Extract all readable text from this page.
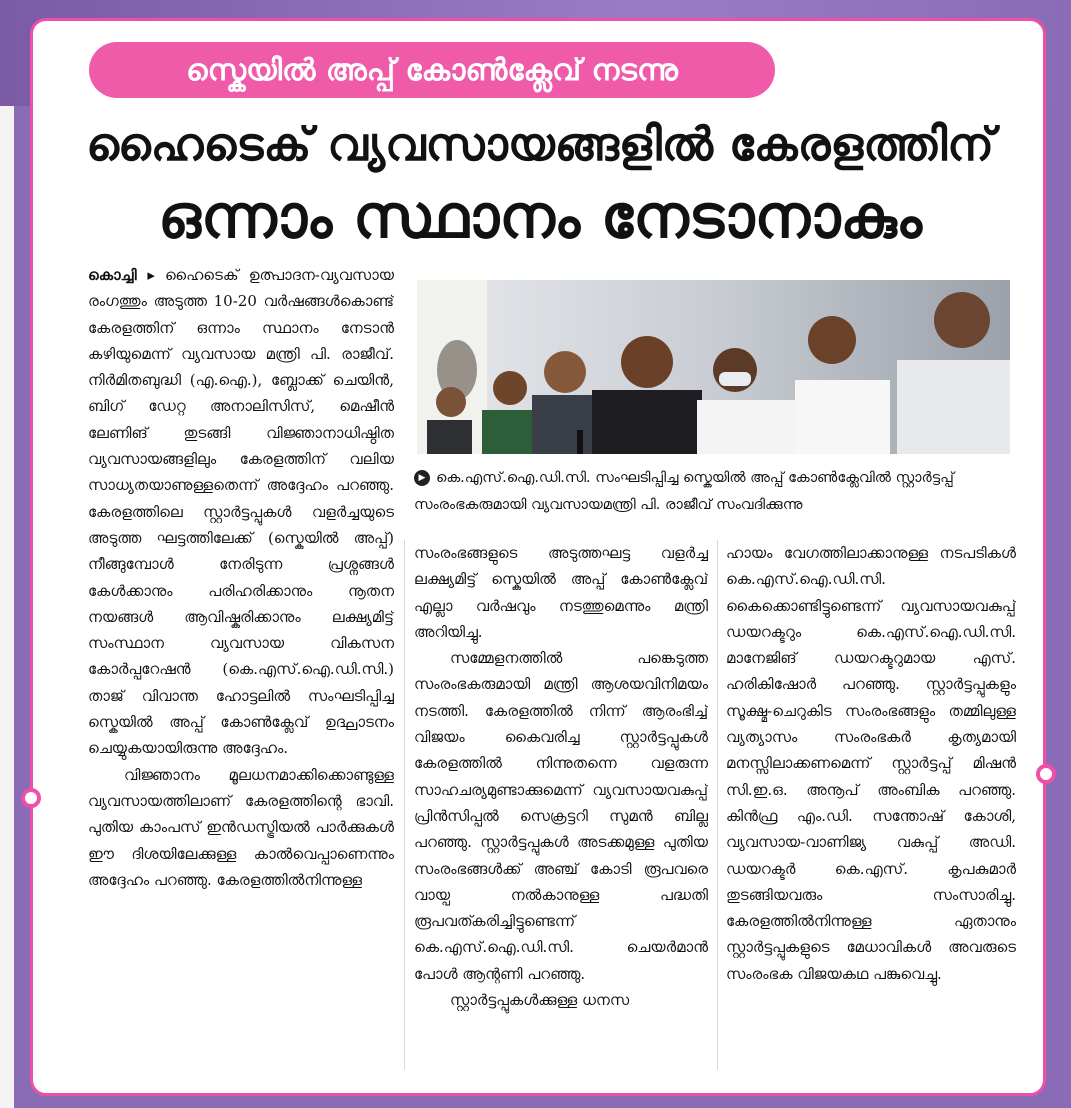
സ്കെയിൽ അപ്പ് കോൺക്ലേവ് നടന്നു
ഹൈടെക് വ്യവസായങ്ങളിൽ കേരളത്തിന്
ഒന്നാം സ്ഥാനം നേടാനാകും

കൊച്ചി ▸ ഹൈടെക് ഉത്പാദന-വ്യവസായ രംഗത്തും അടുത്ത 10-20 വർഷങ്ങൾകൊണ്ട് കേരളത്തിന് ഒന്നാം സ്ഥാനം നേടാൻ കഴിയുമെന്ന് വ്യവസായ മന്ത്രി പി. രാജീവ്. നിർമിതബുദ്ധി (എ.ഐ.), ബ്ലോക്ക് ചെയിൻ, ബിഗ് ഡേറ്റ അനാലിസിസ്, മെഷീൻ ലേണിങ് തുടങ്ങി വിജ്ഞാനാധിഷ്ഠിത വ്യവസായങ്ങളിലും കേരളത്തിന് വലിയ സാധ്യതയാണുള്ളതെന്ന് അദ്ദേഹം പറഞ്ഞു. കേരളത്തിലെ സ്റ്റാർട്ടപ്പുകൾ വളർച്ചയുടെ അടുത്ത ഘട്ടത്തിലേക്ക് (സ്കെയിൽ അപ്പ്) നീങ്ങുമ്പോൾ നേരിടുന്ന പ്രശ്നങ്ങൾ കേൾക്കാനും പരിഹരിക്കാനും നൂതന നയങ്ങൾ ആവിഷ്കരിക്കാനും ലക്ഷ്യമിട്ട് സംസ്ഥാന വ്യവസായ വികസന കോർപ്പറേഷൻ (കെ.എസ്.ഐ.ഡി.സി.) താജ് വിവാന്ത ഹോട്ടലിൽ സംഘടിപ്പിച്ച സ്കെയിൽ അപ്പ് കോൺക്ലേവ് ഉദ്ഘാടനം ചെയ്യുകയായിരുന്നു അദ്ദേഹം.

വിജ്ഞാനം മൂലധനമാക്കിക്കൊണ്ടുള്ള വ്യവസായത്തിലാണ് കേരളത്തിന്റെ ഭാവി. പുതിയ കാംപസ് ഇൻഡസ്ട്രിയൽ പാർക്കുകൾ ഈ ദിശയിലേക്കുള്ള കാൽവെപ്പാണെന്നും അദ്ദേഹം പറഞ്ഞു. കേരളത്തിൽനിന്നുള്ള

▶ കെ.എസ്.ഐ.ഡി.സി. സംഘടിപ്പിച്ച സ്കെയിൽ അപ്പ് കോൺക്ലേവിൽ സ്റ്റാർട്ടപ്പ് സംരംഭകരുമായി വ്യവസായമന്ത്രി പി. രാജീവ് സംവദിക്കുന്നു

സംരംഭങ്ങളുടെ അടുത്തഘട്ട വളർച്ച ലക്ഷ്യമിട്ട് സ്കെയിൽ അപ്പ് കോൺക്ലേവ് എല്ലാ വർഷവും നടത്തുമെന്നും മന്ത്രി അറിയിച്ചു.

സമ്മേളനത്തിൽ പങ്കെടുത്ത സംരംഭകരുമായി മന്ത്രി ആശയവിനിമയം നടത്തി. കേരളത്തിൽ നിന്ന് ആരംഭിച്ച് വിജയം കൈവരിച്ച സ്റ്റാർട്ടപ്പുകൾ കേരളത്തിൽ നിന്നുതന്നെ വളരുന്ന സാഹചര്യമുണ്ടാക്കുമെന്ന് വ്യവസായവകുപ്പ് പ്രിൻസിപ്പൽ സെക്രട്ടറി സുമൻ ബില്ല പറഞ്ഞു. സ്റ്റാർട്ടപ്പുകൾ അടക്കമുള്ള പുതിയ സംരംഭങ്ങൾക്ക് അഞ്ച് കോടി രൂപവരെ വായ്പ നൽകാനുള്ള പദ്ധതി രൂപവത്കരിച്ചിട്ടുണ്ടെന്ന് കെ.എസ്.ഐ.ഡി.സി. ചെയർമാൻ പോൾ ആന്റണി പറഞ്ഞു.

സ്റ്റാർട്ടപ്പുകൾക്കുള്ള ധനസ

ഹായം വേഗത്തിലാക്കാനുള്ള നടപടികൾ കെ.എസ്.ഐ.ഡി.സി. കൈക്കൊണ്ടിട്ടുണ്ടെന്ന് വ്യവസായവകുപ്പ് ഡയറക്ടറും കെ.എസ്.ഐ.ഡി.സി. മാനേജിങ് ഡയറക്ടറുമായ എസ്. ഹരികിഷോർ പറഞ്ഞു. സ്റ്റാർട്ടപ്പുകളും സൂക്ഷ്മ-ചെറുകിട സംരംഭങ്ങളും തമ്മിലുള്ള വ്യത്യാസം സംരംഭകർ കൃത്യമായി മനസ്സിലാക്കണമെന്ന് സ്റ്റാർട്ടപ്പ് മിഷൻ സി.ഇ.ഒ. അനൂപ് അംബിക പറഞ്ഞു. കിൻഫ്ര എം.ഡി. സന്തോഷ് കോശി, വ്യവസായ-വാണിജ്യ വകുപ്പ് അഡി. ഡയറക്ടർ കെ.എസ്. കൃപകുമാർ തുടങ്ങിയവരും സംസാരിച്ചു. കേരളത്തിൽനിന്നുള്ള ഏതാനും സ്റ്റാർട്ടപ്പുകളുടെ മേധാവികൾ അവരുടെ സംരംഭക വിജയകഥ പങ്കുവെച്ചു.
